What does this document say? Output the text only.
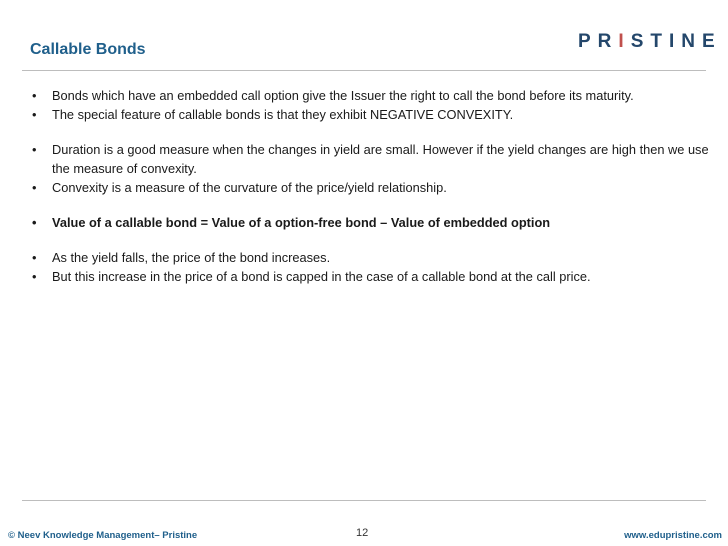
Callable Bonds	PRISTINE
• Bonds which have an embedded call option give the Issuer the right to call the bond before its maturity.
• The special feature of callable bonds is that they exhibit NEGATIVE CONVEXITY.
• Duration is a good measure when the changes in yield are small. However if the yield changes are high then we use the measure of convexity.
• Convexity is a measure of the curvature of the price/yield relationship.
• Value of a callable bond = Value of a option-free bond – Value of embedded option
• As the yield falls, the price of the bond increases.
• But this increase in the price of a bond is capped in the case of a callable bond at the call price.
© Neev Knowledge Management– Pristine	12	www.edupristine.com
